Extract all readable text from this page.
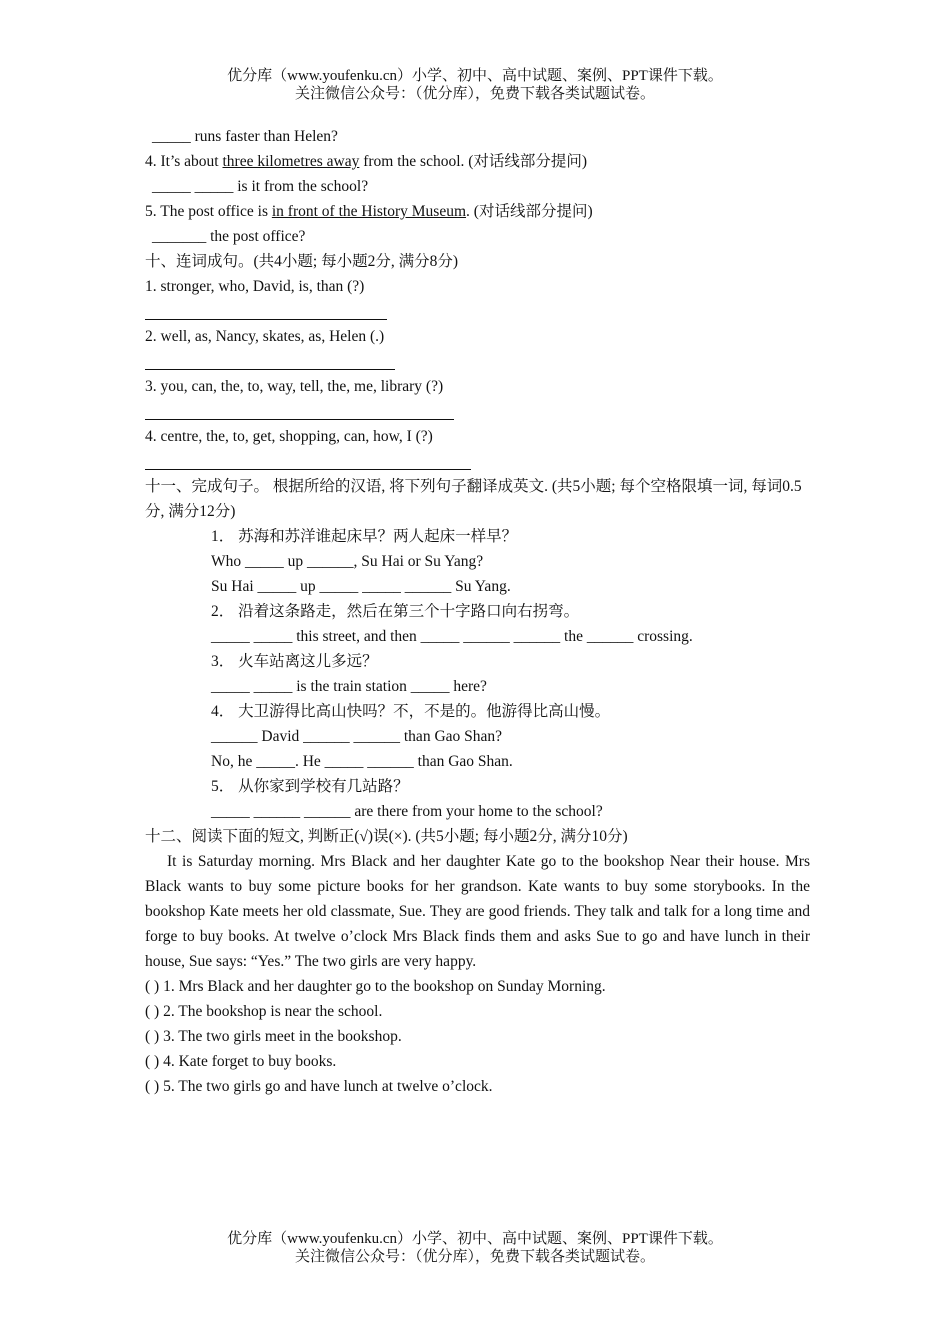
优分库（www.youfenku.cn）小学、初中、高中试题、案例、PPT课件下载。
关注微信公众号：（优分库），免费下载各类试题试卷。
_____ runs faster than Helen?
4. It’s about three kilometres away from the school. (对话线部分提问)
_____ _____ is it from the school?
5. The post office is in front of the History Museum. (对话线部分提问)
_______ the post office?
十、连词成句。(共4小题; 每小题2分, 满分8分)
1. stronger, who, David, is, than (?)
2. well, as, Nancy, skates, as, Helen (.)
3. you, can, the, to, way, tell, the, me, library (?)
4. centre, the, to, get, shopping, can, how, I (?)
十一、完成句子。 根据所给的汉语, 将下列句子翻译成英文. (共5小题; 每个空格限填一词, 每词0.5分, 满分12分)
1． 苏海和苏洋谁起床早？两人起床一样早？
Who _____ up ______, Su Hai or Su Yang?
Su Hai _____ up _____ _____ ______ Su Yang.
2． 沿着这条路走，然后在第三个十字路口向右拐弯。
_____ _____ this street, and then _____ ______ ______ the ______ crossing.
3． 火车站离这儿多远？
_____ _____ is the train station _____ here?
4． 大卫游得比高山快吗？不，不是的。他游得比高山慢。
______ David ______ ______ than Gao Shan?
No, he _____. He _____ ______ than Gao Shan.
5． 从你家到学校有几站路？
_____ ______ ______ are there from your home to the school?
十二、阅读下面的短文, 判断正(√)误(×). (共5小题; 每小题2分, 满分10分)
It is Saturday morning. Mrs Black and her daughter Kate go to the bookshop Near their house. Mrs Black wants to buy some picture books for her grandson. Kate wants to buy some storybooks. In the bookshop Kate meets her old classmate, Sue. They are good friends. They talk and talk for a long time and forge to buy books. At twelve o’clock Mrs Black finds them and asks Sue to go and have lunch in their house, Sue says: “Yes.” The two girls are very happy.
( ) 1. Mrs Black and her daughter go to the bookshop on Sunday Morning.
( ) 2. The bookshop is near the school.
( ) 3. The two girls meet in the bookshop.
( ) 4. Kate forget to buy books.
( ) 5. The two girls go and have lunch at twelve o’clock.
优分库（www.youfenku.cn）小学、初中、高中试题、案例、PPT课件下载。
关注微信公众号：（优分库），免费下载各类试题试卷。
